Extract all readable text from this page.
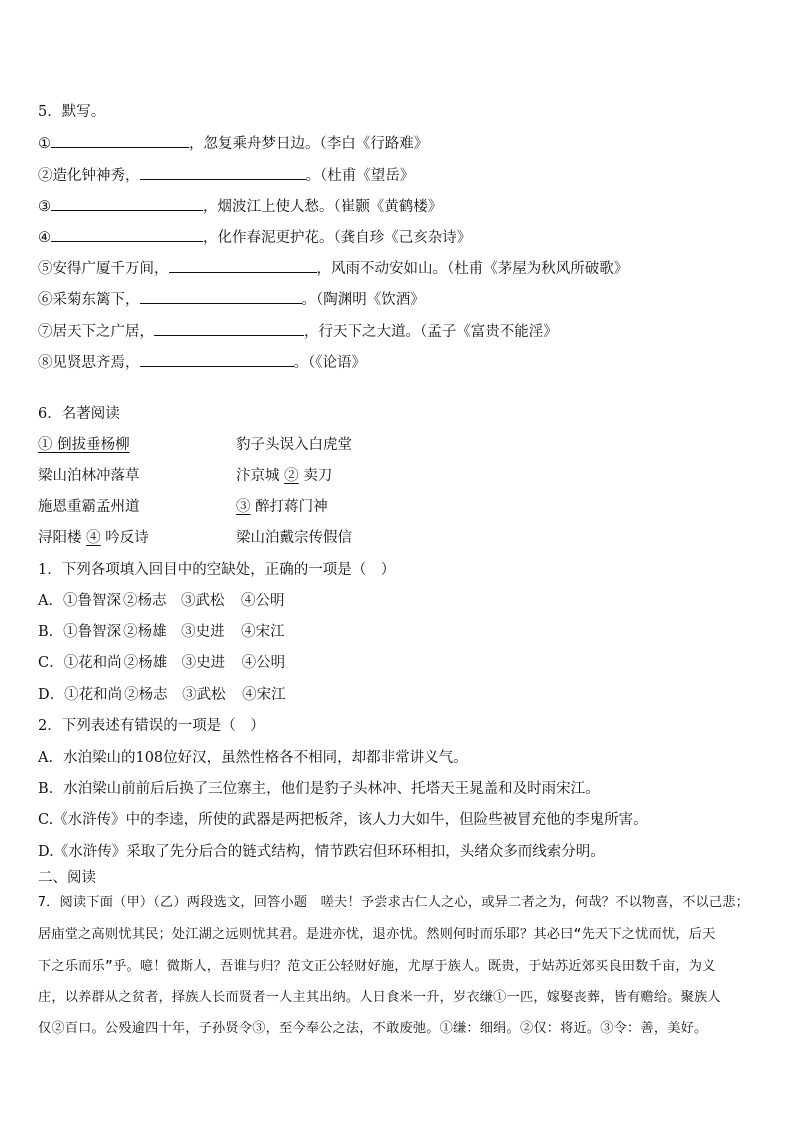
5．默写。
①	，忽复乘舟梦日边。（李白《行路难》
②造化钟神秀，	。（杜甫《望岳》
③	，烟波江上使人愁。（崔颢《黄鹤楼》
④	，化作春泥更护花。（龚自珍《己亥杂诗》
⑤安得广厦千万间，	，风雨不动安如山。（杜甫《茅屋为秋风所破歌》
⑥采菊东篱下，	。（陶渊明《饮酒》
⑦居天下之广居，	，行天下之大道。（孟子《富贵不能淫》
⑧见贤思齐焉，	。（《论语》
6．名著阅读
① 倒拔垂杨柳	豹子头误入白虎堂
梁山泊林冲落草	汴京城 ② 卖刀
施恩重霸孟州道	③ 醉打蒋门神
浔阳楼 ④ 吟反诗	梁山泊戴宗传假信
1．下列各项填入回目中的空缺处，正确的一项是（　）
A．①鲁智深 ②杨志 ③武松 ④公明
B．①鲁智深 ②杨雄 ③史进 ④宋江
C．①花和尚 ②杨雄 ③史进 ④公明
D．①花和尚 ②杨志 ③武松 ④宋江
2．下列表述有错误的一项是（　）
A．水泊梁山的108位好汉，虽然性格各不相同，却都非常讲义气。
B．水泊梁山前前后后换了三位寨主，他们是豹子头林冲、托塔天王晁盖和及时雨宋江。
C.《水浒传》中的李逵，所使的武器是两把板斧，该人力大如牛，但险些被冒充他的李鬼所害。
D.《水浒传》采取了先分后合的链式结构，情节跌宕但环环相扣，头绪众多而线索分明。
二、阅读
7．阅读下面（甲）（乙）两段选文，回答小题　嗟夫！予尝求古仁人之心，或异二者之为，何哉？不以物喜，不以己悲；
居庙堂之高则忧其民；处江湖之远则忧其君。是进亦忧，退亦忧。然则何时而乐耶？其必曰“先天下之忧而忧，后天
下之乐而乐”乎。噫！微斯人，吾谁与归？范文正公轻财好施，尤厚于族人。既贵，于姑苏近郊买良田数千亩，为义
庄，以养群从之贫者，择族人长而贤者一人主其出纳。人日食米一升，岁衣缣①一匹，嫁娶丧葬，皆有赡给。聚族人
仅②百口。公殁逾四十年，子孙贤令③，至今奉公之法，不敢废弛。①缣：细绢。②仅：将近。③令：善，美好。
